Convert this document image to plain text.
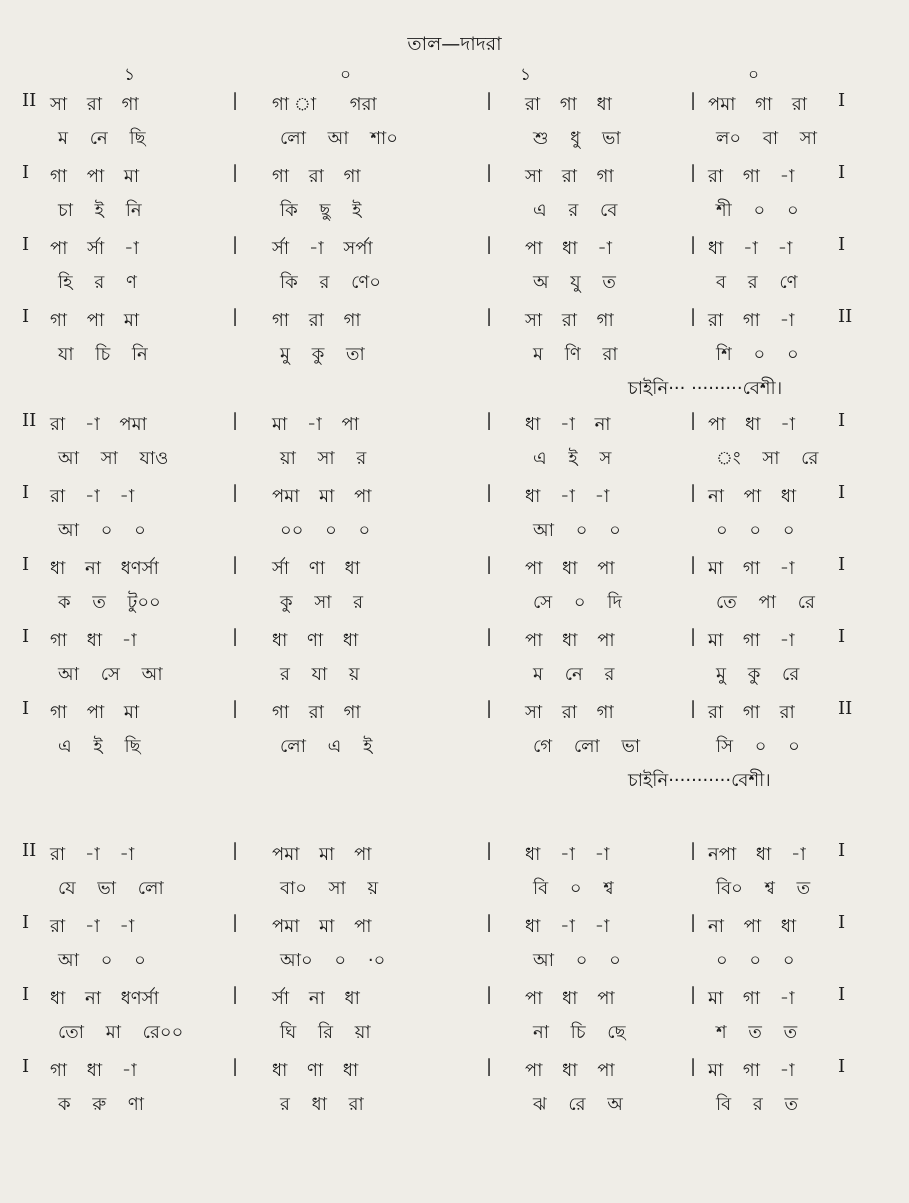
তাল—দাদরা
১	০	১	০
II সা রা গা	গা া গরা	রা গা ধা	পমা গা রা
|	|	|	I
ম নে ছি	লো আ শা০	শু ধু ভা	ল০ বা সা
I গা পা মা	গা রা গা	সা রা গা	রা গা -া
|	|	|	I
চা ই নি	কি ছু ই	এ র বে	শী ০ ০
I পা র্সা -া	র্সা -া সর্পা	পা ধা -া	ধা -া -া
|	|	|	I
হি র ণ	কি র ণে০	অ যু ত	ব র ণে
I গা পা মা	গা রা গা	সা রা গা	রা গা -া
|	|	|	II
যা চি নি	মু কু তা	ম ণি রা	শি ০ ০
চাইনি··· ·········বেশী।
II রা -া পমা	মা -া পা	ধা -া না	পা ধা -া
|	|	|	I
আ সা যাও	য়া সা র	এ ই স	ং সা রে
I রা -া -া	পমা মা পা	ধা -া -া	না পা ধা
|	|	|	I
আ ০ ০	০০ ০ ০	আ ০ ০	০ ০ ০
I ধা না ধণর্সা	র্সা ণা ধা	পা ধা পা	মা গা -া
|	|	|	I
ক ত টু০০	কু সা র	সে ০ দি	তে পা রে
I গা ধা -া	ধা ণা ধা	পা ধা পা	মা গা -া
|	|	|	I
আ সে আ	র যা য়	ম নে র	মু কু রে
I গা পা মা	গা রা গা	সা রা গা	রা গা রা
|	|	|	II
এ ই ছি	লো এ ই	গে লো ভা	সি ০ ০
চাইনি···········বেশী।
II রা -া -া	পমা মা পা	ধা -া -া	নপা ধা -া
|	|	|	I
যে ভা লো	বা০ সা য়	বি ০ শ্ব	বি০ শ্ব ত
I রা -া -া	পমা মা পা	ধা -া -া	না পা ধা
|	|	|	I
আ ০ ০	আ০ ০ ·০	আ ০ ০	০ ০ ০
I ধা না ধণর্সা	র্সা না ধা	পা ধা পা	মা গা -া
|	|	|	I
তো মা রে০০	ঘি রি য়া	না চি ছে	শ ত ত
I গা ধা -া	ধা ণা ধা	পা ধা পা	মা গা -া
|	|	|	I
ক রু ণা	র ধা রা	ঝ রে অ	বি র ত
